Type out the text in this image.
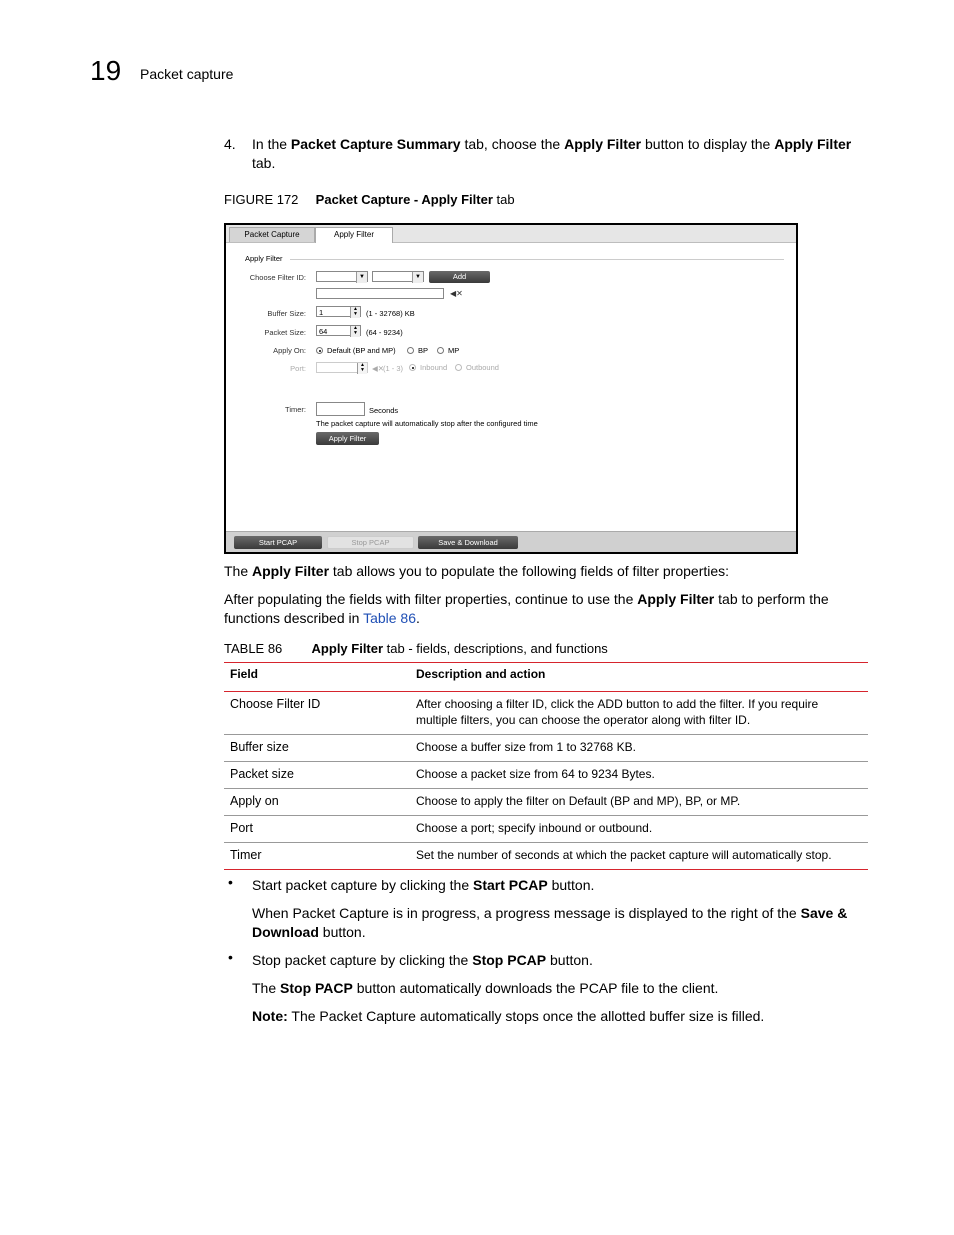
19 Packet capture
4. In the Packet Capture Summary tab, choose the Apply Filter button to display the Apply Filter
tab.
FIGURE 172 Packet Capture - Apply Filter tab
Packet Capture	Apply Filter
Apply Filter
Choose Filter ID:	▼	▼	Add
◀✕
Buffer Size:	1	▲
▼ (1 - 32768) KB
Packet Size:	64	▲
▼ (64 - 9234)
Apply On:	Default (BP and MP)	BP	MP
Port:	▲
▼ ◀✕
(1 - 3) Inbound	Outbound
Timer:	Seconds
The packet capture will automatically stop after the configured time
Apply Filter
Start PCAP	Stop PCAP	Save & Download
The Apply Filter tab allows you to populate the following fields of filter properties:
After populating the fields with filter properties, continue to use the Apply Filter tab to perform the
functions described in Table 86.
TABLE 86 Apply Filter tab - fields, descriptions, and functions
Field	Description and action
Choose Filter ID	After choosing a filter ID, click the ADD button to add the filter. If you require
multiple filters, you can choose the operator along with filter ID.
Buffer size	Choose a buffer size from 1 to 32768 KB.
Packet size	Choose a packet size from 64 to 9234 Bytes.
Apply on	Choose to apply the filter on Default (BP and MP), BP, or MP.
Port	Choose a port; specify inbound or outbound.
Timer	Set the number of seconds at which the packet capture will automatically stop.
• Start packet capture by clicking the Start PCAP button.
When Packet Capture is in progress, a progress message is displayed to the right of the Save &
Download button.
• Stop packet capture by clicking the Stop PCAP button.
The Stop PACP button automatically downloads the PCAP file to the client.
Note: The Packet Capture automatically stops once the allotted buffer size is filled.
